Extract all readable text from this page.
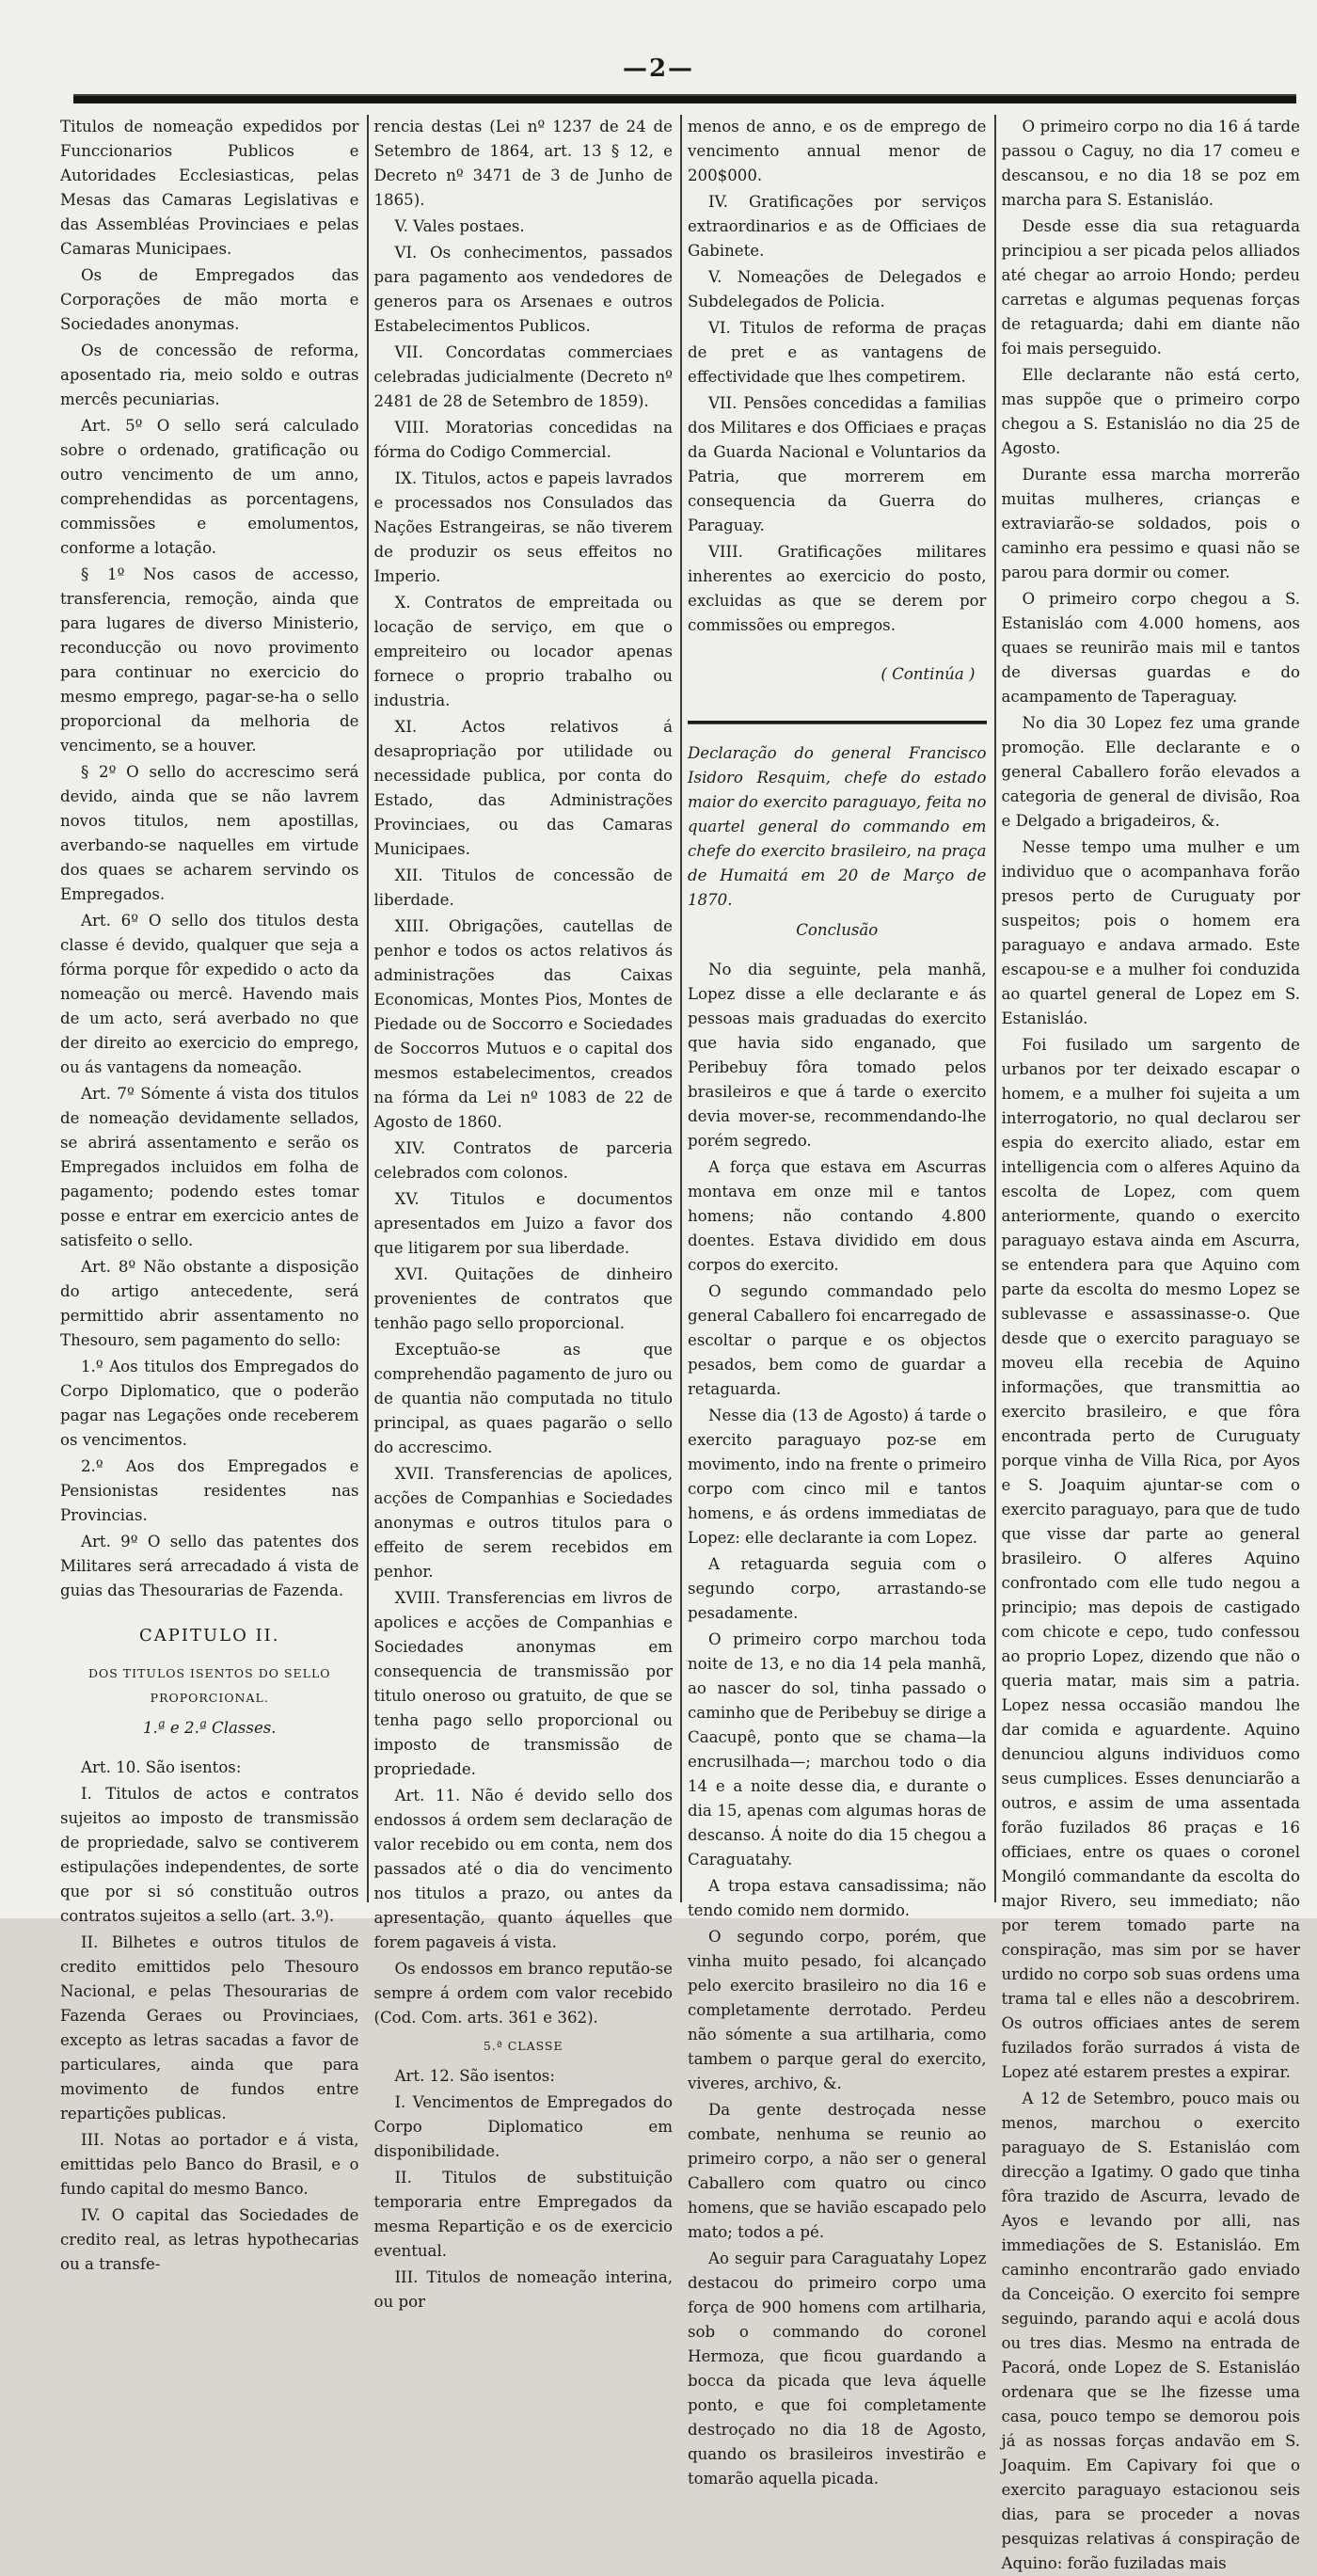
—2—

Titulos de nomeação expedidos por Funccionarios Publicos e Autoridades Ecclesiasticas, pelas Mesas das Camaras Legislativas e das Assembléas Provinciaes e pelas Camaras Municipaes.

Os de Empregados das Corporações de mão morta e Sociedades anonymas.

Os de concessão de reforma, aposentado ria, meio soldo e outras mercês pecuniarias.

Art. 5º O sello será calculado sobre o ordenado, gratificação ou outro vencimento de um anno, comprehendidas as porcentagens, commissões e emolumentos, conforme a lotação.

§ 1º Nos casos de accesso, transferencia, remoção, ainda que para lugares de diverso Ministerio, reconducção ou novo provimento para continuar no exercicio do mesmo emprego, pagar-se-ha o sello proporcional da melhoria de vencimento, se a houver.

§ 2º O sello do accrescimo será devido, ainda que se não lavrem novos titulos, nem apostillas, averbando-se naquelles em virtude dos quaes se acharem servindo os Empregados.

Art. 6º O sello dos titulos desta classe é devido, qualquer que seja a fórma porque fôr expedido o acto da nomeação ou mercê. Havendo mais de um acto, será averbado no que der direito ao exercicio do emprego, ou ás vantagens da nomeação.

Art. 7º Sómente á vista dos titulos de nomeação devidamente sellados, se abrirá assentamento e serão os Empregados incluidos em folha de pagamento; podendo estes tomar posse e entrar em exercicio antes de satisfeito o sello.

Art. 8º Não obstante a disposição do artigo antecedente, será permittido abrir assentamento no Thesouro, sem pagamento do sello:

1.º Aos titulos dos Empregados do Corpo Diplomatico, que o poderão pagar nas Legações onde receberem os vencimentos.

2.º Aos dos Empregados e Pensionistas residentes nas Provincias.

Art. 9º O sello das patentes dos Militares será arrecadado á vista de guias das Thesourarias de Fazenda.

CAPITULO II.

DOS TITULOS ISENTOS DO SELLO PROPORCIONAL.

1.ª e 2.ª Classes.

Art. 10. São isentos:

I. Titulos de actos e contratos sujeitos ao imposto de transmissão de propriedade, salvo se contiverem estipulações independentes, de sorte que por si só constituão outros contratos sujeitos a sello (art. 3.º).

II. Bilhetes e outros titulos de credito emittidos pelo Thesouro Nacional, e pelas Thesourarias de Fazenda Geraes ou Provinciaes, excepto as letras sacadas a favor de particulares, ainda que para movimento de fundos entre repartições publicas.

III. Notas ao portador e á vista, emittidas pelo Banco do Brasil, e o fundo capital do mesmo Banco.

IV. O capital das Sociedades de credito real, as letras hypothecarias ou a transfe-

rencia destas (Lei nº 1237 de 24 de Setembro de 1864, art. 13 § 12, e Decreto nº 3471 de 3 de Junho de 1865).

V. Vales postaes.

VI. Os conhecimentos, passados para pagamento aos vendedores de generos para os Arsenaes e outros Estabelecimentos Publicos.

VII. Concordatas commerciaes celebradas judicialmente (Decreto nº 2481 de 28 de Setembro de 1859).

VIII. Moratorias concedidas na fórma do Codigo Commercial.

IX. Titulos, actos e papeis lavrados e processados nos Consulados das Nações Estrangeiras, se não tiverem de produzir os seus effeitos no Imperio.

X. Contratos de empreitada ou locação de serviço, em que o empreiteiro ou locador apenas fornece o proprio trabalho ou industria.

XI. Actos relativos á desapropriação por utilidade ou necessidade publica, por conta do Estado, das Administrações Provinciaes, ou das Camaras Municipaes.

XII. Titulos de concessão de liberdade.

XIII. Obrigações, cautellas de penhor e todos os actos relativos ás administrações das Caixas Economicas, Montes Pios, Montes de Piedade ou de Soccorro e Sociedades de Soccorros Mutuos e o capital dos mesmos estabelecimentos, creados na fórma da Lei nº 1083 de 22 de Agosto de 1860.

XIV. Contratos de parceria celebrados com colonos.

XV. Titulos e documentos apresentados em Juizo a favor dos que litigarem por sua liberdade.

XVI. Quitações de dinheiro provenientes de contratos que tenhão pago sello proporcional.

Exceptuão-se as que comprehendão pagamento de juro ou de quantia não computada no titulo principal, as quaes pagarão o sello do accrescimo.

XVII. Transferencias de apolices, acções de Companhias e Sociedades anonymas e outros titulos para o effeito de serem recebidos em penhor.

XVIII. Transferencias em livros de apolices e acções de Companhias e Sociedades anonymas em consequencia de transmissão por titulo oneroso ou gratuito, de que se tenha pago sello proporcional ou imposto de transmissão de propriedade.

Art. 11. Não é devido sello dos endossos á ordem sem declaração de valor recebido ou em conta, nem dos passados até o dia do vencimento nos titulos a prazo, ou antes da apresentação, quanto áquelles que forem pagaveis á vista.

Os endossos em branco reputão-se sempre á ordem com valor recebido (Cod. Com. arts. 361 e 362).

5.ª CLASSE

Art. 12. São isentos:

I. Vencimentos de Empregados do Corpo Diplomatico em disponibilidade.

II. Titulos de substituição temporaria entre Empregados da mesma Repartição e os de exercicio eventual.

III. Titulos de nomeação interina, ou por

menos de anno, e os de emprego de vencimento annual menor de 200$000.

IV. Gratificações por serviços extraordinarios e as de Officiaes de Gabinete.

V. Nomeações de Delegados e Subdelegados de Policia.

VI. Titulos de reforma de praças de pret e as vantagens de effectividade que lhes competirem.

VII. Pensões concedidas a familias dos Militares e dos Officiaes e praças da Guarda Nacional e Voluntarios da Patria, que morrerem em consequencia da Guerra do Paraguay.

VIII. Gratificações militares inherentes ao exercicio do posto, excluidas as que se derem por commissões ou empregos.

( Continúa )

Declaração do general Francisco Isidoro Resquim, chefe do estado maior do exercito paraguayo, feita no quartel general do commando em chefe do exercito brasileiro, na praça de Humaitá em 20 de Março de 1870.

Conclusão

No dia seguinte, pela manhã, Lopez disse a elle declarante e ás pessoas mais graduadas do exercito que havia sido enganado, que Peribebuy fôra tomado pelos brasileiros e que á tarde o exercito devia mover-se, recommendando-lhe porém segredo.

A força que estava em Ascurras montava em onze mil e tantos homens; não contando 4.800 doentes. Estava dividido em dous corpos do exercito.

O segundo commandado pelo general Caballero foi encarregado de escoltar o parque e os objectos pesados, bem como de guardar a retaguarda.

Nesse dia (13 de Agosto) á tarde o exercito paraguayo poz-se em movimento, indo na frente o primeiro corpo com cinco mil e tantos homens, e ás ordens immediatas de Lopez: elle declarante ia com Lopez.

A retaguarda seguia com o segundo corpo, arrastando-se pesadamente.

O primeiro corpo marchou toda noite de 13, e no dia 14 pela manhã, ao nascer do sol, tinha passado o caminho que de Peribebuy se dirige a Caacupê, ponto que se chama—la encrusilhada—; marchou todo o dia 14 e a noite desse dia, e durante o dia 15, apenas com algumas horas de descanso. Á noite do dia 15 chegou a Caraguatahy.

A tropa estava cansadissima; não tendo comido nem dormido.

O segundo corpo, porém, que vinha muito pesado, foi alcançado pelo exercito brasileiro no dia 16 e completamente derrotado. Perdeu não sómente a sua artilharia, como tambem o parque geral do exercito, viveres, archivo, &.

Da gente destroçada nesse combate, nenhuma se reunio ao primeiro corpo, a não ser o general Caballero com quatro ou cinco homens, que se havião escapado pelo mato; todos a pé.

Ao seguir para Caraguatahy Lopez destacou do primeiro corpo uma força de 900 homens com artilharia, sob o commando do coronel Hermoza, que ficou guardando a bocca da picada que leva áquelle ponto, e que foi completamente destroçado no dia 18 de Agosto, quando os brasileiros investirão e tomarão aquella picada.

O primeiro corpo no dia 16 á tarde passou o Caguy, no dia 17 comeu e descansou, e no dia 18 se poz em marcha para S. Estanisláo.

Desde esse dia sua retaguarda principiou a ser picada pelos alliados até chegar ao arroio Hondo; perdeu carretas e algumas pequenas forças de retaguarda; dahi em diante não foi mais perseguido.

Elle declarante não está certo, mas suppõe que o primeiro corpo chegou a S. Estanisláo no dia 25 de Agosto.

Durante essa marcha morrerão muitas mulheres, crianças e extraviarão-se soldados, pois o caminho era pessimo e quasi não se parou para dormir ou comer.

O primeiro corpo chegou a S. Estanisláo com 4.000 homens, aos quaes se reunirão mais mil e tantos de diversas guardas e do acampamento de Taperaguay.

No dia 30 Lopez fez uma grande promoção. Elle declarante e o general Caballero forão elevados a categoria de general de divisão, Roa e Delgado a brigadeiros, &.

Nesse tempo uma mulher e um individuo que o acompanhava forão presos perto de Curuguaty por suspeitos; pois o homem era paraguayo e andava armado. Este escapou-se e a mulher foi conduzida ao quartel general de Lopez em S. Estanisláo.

Foi fusilado um sargento de urbanos por ter deixado escapar o homem, e a mulher foi sujeita a um interrogatorio, no qual declarou ser espia do exercito aliado, estar em intelligencia com o alferes Aquino da escolta de Lopez, com quem anteriormente, quando o exercito paraguayo estava ainda em Ascurra, se entendera para que Aquino com parte da escolta do mesmo Lopez se sublevasse e assassinasse-o. Que desde que o exercito paraguayo se moveu ella recebia de Aquino informações, que transmittia ao exercito brasileiro, e que fôra encontrada perto de Curuguaty porque vinha de Villa Rica, por Ayos e S. Joaquim ajuntar-se com o exercito paraguayo, para que de tudo que visse dar parte ao general brasileiro. O alferes Aquino confrontado com elle tudo negou a principio; mas depois de castigado com chicote e cepo, tudo confessou ao proprio Lopez, dizendo que não o queria matar, mais sim a patria. Lopez nessa occasião mandou lhe dar comida e aguardente. Aquino denunciou alguns individuos como seus cumplices. Esses denunciarão a outros, e assim de uma assentada forão fuzilados 86 praças e 16 officiaes, entre os quaes o coronel Mongiló commandante da escolta do major Rivero, seu immediato; não por terem tomado parte na conspiração, mas sim por se haver urdido no corpo sob suas ordens uma trama tal e elles não a descobrirem. Os outros officiaes antes de serem fuzilados forão surrados á vista de Lopez até estarem prestes a expirar.

A 12 de Setembro, pouco mais ou menos, marchou o exercito paraguayo de S. Estanisláo com direcção a Igatimy. O gado que tinha fôra trazido de Ascurra, levado de Ayos e levando por alli, nas immediações de S. Estanisláo. Em caminho encontrarão gado enviado da Conceição. O exercito foi sempre seguindo, parando aqui e acolá dous ou tres dias. Mesmo na entrada de Pacorá, onde Lopez de S. Estanisláo ordenara que se lhe fizesse uma casa, pouco tempo se demorou pois já as nossas forças andavão em S. Joaquim. Em Capivary foi que o exercito paraguayo estacionou seis dias, para se proceder a novas pesquizas relativas á conspiração de Aquino: forão fuziladas mais
